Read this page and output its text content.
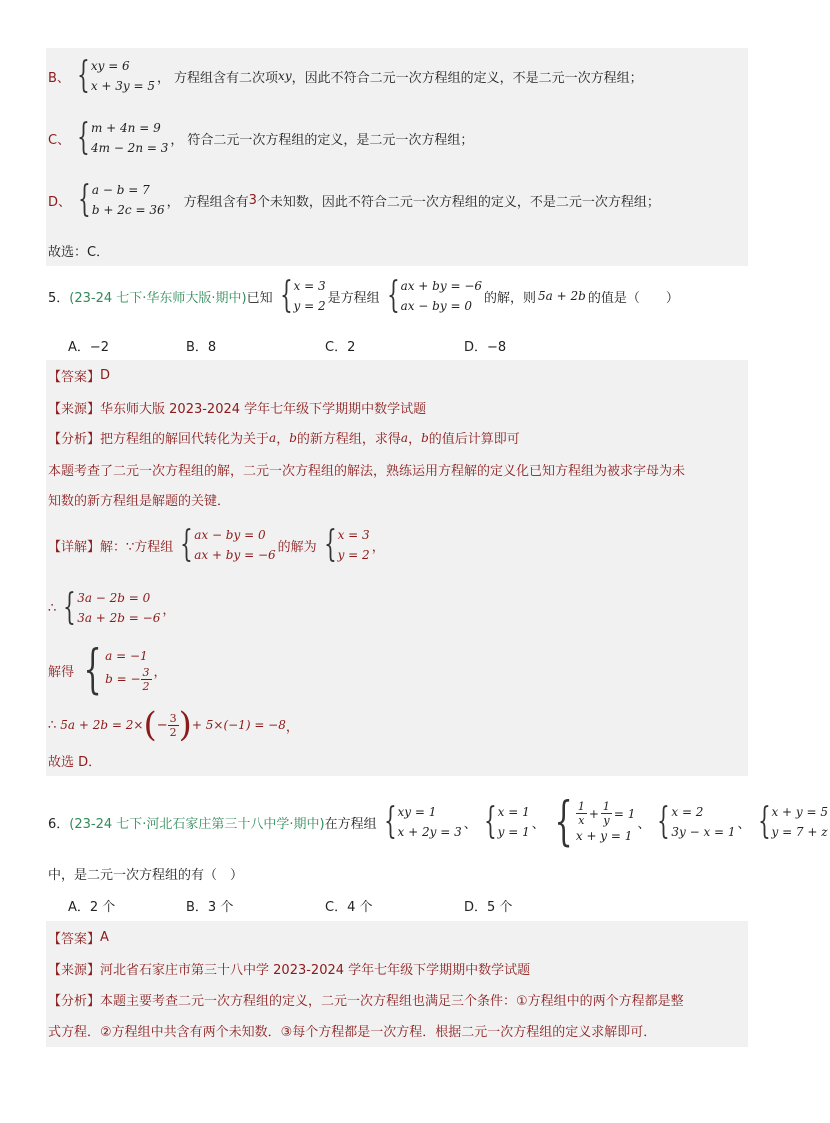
B、 { xy = 6
x + 3y = 5
， 方程组含有二次项 xy ，因此不符合二元一次方程组的定义，不是二元一次方程组；
C、 { m + 4n = 9
4m − 2n = 3
， 符合二元一次方程组的定义，是二元一次方程组；
D、 { a − b = 7
b + 2c = 36
， 方程组含有 3 个未知数，因此不符合二元一次方程组的定义，不是二元一次方程组；
故选：C．
5． (23-24 七下·华东师大版·期中) 已知 { x = 3
y = 2
是方程组 { ax + by = −6
ax − by = 0
的解，则 5a + 2b 的值是（　　）
A．−2	B．8	C．2	D．−8
【答案】 D
【来源】 华东师大版 2023-2024 学年七年级下学期期中数学试题
【分析】 把方程组的解回代转化为关于 a ， b 的新方程组，求得 a ， b 的值后计算即可
本题考查了二元一次方程组的解，二元一次方程组的解法，熟练运用方程解的定义化已知方程组为被求字母为未
知数的新方程组是解题的关键．
【详解】 解：∵方程组 { ax − by = 0
ax + by = −6
的解为 { x = 3
y = 2
，
∴ { 3a − 2b = 0
3a + 2b = −6
，
解得 { a = −1
b = − $\frac{3}{2}$ ，
∴ 5a + 2b = 2× ( − $\frac{3}{2}$ ) + 5×(−1) = −8 ，
故选 D．
6． (23-24 七下·河北石家庄第三十八中学·期中) 在方程组 { xy = 1
x + 2y = 3
、 { x = 1
y = 1
、 { $\frac{1}{x} + \frac{1}{y} = 1$
x + y = 1
、 { x = 2
3y − x = 1
、 { x + y = 5
y = 7 + z
中，是二元一次方程组的有（　）
A．2 个	B．3 个	C．4 个	D．5 个
【答案】 A
【来源】 河北省石家庄市第三十八中学 2023-2024 学年七年级下学期期中数学试题
【分析】 本题主要考查二元一次方程组的定义，二元一次方程组也满足三个条件：①方程组中的两个方程都是整
式方程．②方程组中共含有两个未知数．③每个方程都是一次方程．根据二元一次方程组的定义求解即可．
